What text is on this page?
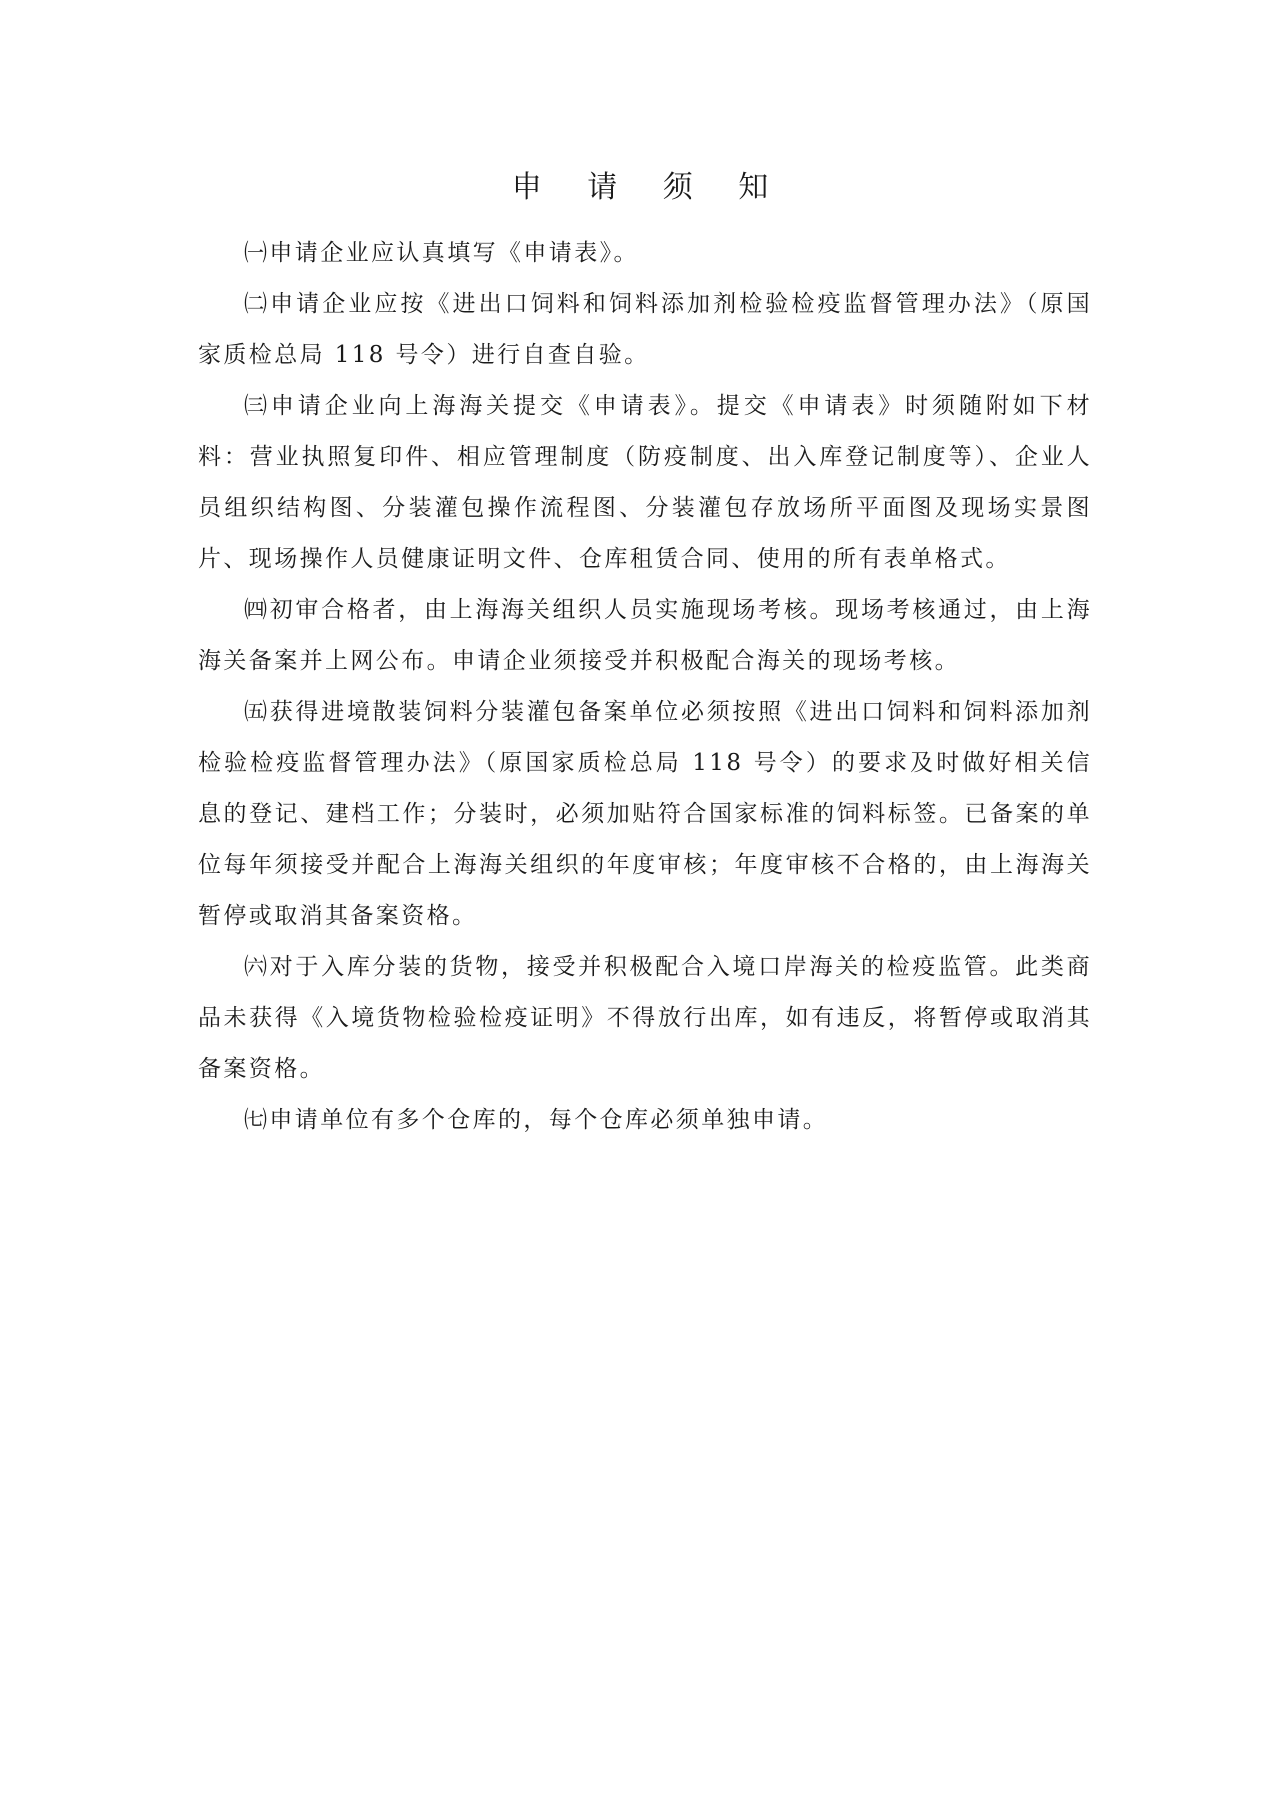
申 请 须 知

㈠申请企业应认真填写《申请表》。

㈡申请企业应按《进出口饲料和饲料添加剂检验检疫监督管理办法》（原国家质检总局 118 号令）进行自查自验。

㈢申请企业向上海海关提交《申请表》。提交《申请表》时须随附如下材料：营业执照复印件、相应管理制度（防疫制度、出入库登记制度等）、企业人员组织结构图、分装灌包操作流程图、分装灌包存放场所平面图及现场实景图片、现场操作人员健康证明文件、仓库租赁合同、使用的所有表单格式。

㈣初审合格者，由上海海关组织人员实施现场考核。现场考核通过，由上海海关备案并上网公布。申请企业须接受并积极配合海关的现场考核。

㈤获得进境散装饲料分装灌包备案单位必须按照《进出口饲料和饲料添加剂检验检疫监督管理办法》（原国家质检总局 118 号令）的要求及时做好相关信息的登记、建档工作；分装时，必须加贴符合国家标准的饲料标签。已备案的单位每年须接受并配合上海海关组织的年度审核；年度审核不合格的，由上海海关暂停或取消其备案资格。

㈥对于入库分装的货物，接受并积极配合入境口岸海关的检疫监管。此类商品未获得《入境货物检验检疫证明》不得放行出库，如有违反，将暂停或取消其备案资格。

㈦申请单位有多个仓库的，每个仓库必须单独申请。
